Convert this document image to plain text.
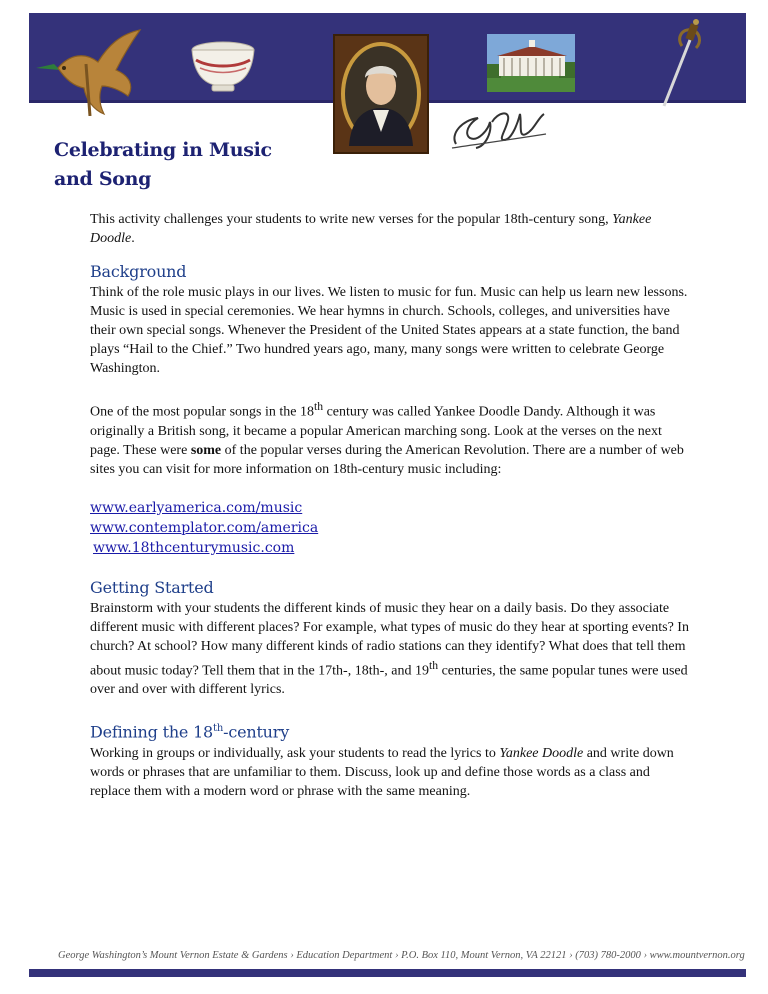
Celebrating in Music
and Song

This activity challenges your students to write new verses for the popular 18th-century song, Yankee Doodle.

Background

Think of the role music plays in our lives. We listen to music for fun. Music can help us learn new lessons. Music is used in special ceremonies. We hear hymns in church. Schools, colleges, and universities have their own special songs. Whenever the President of the United States appears at a state function, the band plays “Hail to the Chief.” Two hundred years ago, many, many songs were written to celebrate George Washington.

One of the most popular songs in the 18th century was called Yankee Doodle Dandy. Although it was originally a British song, it became a popular American marching song. Look at the verses on the next page. These were some of the popular verses during the American Revolution. There are a number of web sites you can visit for more information on 18th-century music including:

www.earlyamerica.com/music
www.contemplator.com/america
www.18thcenturymusic.com
Getting Started

Brainstorm with your students the different kinds of music they hear on a daily basis. Do they associate different music with different places? For example, what types of music do they hear at sporting events? In church? At school? How many different kinds of radio stations can they identify? What does that tell them about music today? Tell them that in the 17th-, 18th-, and 19th centuries, the same popular tunes were used over and over with different lyrics.

Defining the 18th-century

Working in groups or individually, ask your students to read the lyrics to Yankee Doodle and write down words or phrases that are unfamiliar to them. Discuss, look up and define those words as a class and replace them with a modern word or phrase with the same meaning.

George Washington’s Mount Vernon Estate & Gardens › Education Department › P.O. Box 110, Mount Vernon, VA 22121 › (703) 780-2000 › www.mountvernon.org
